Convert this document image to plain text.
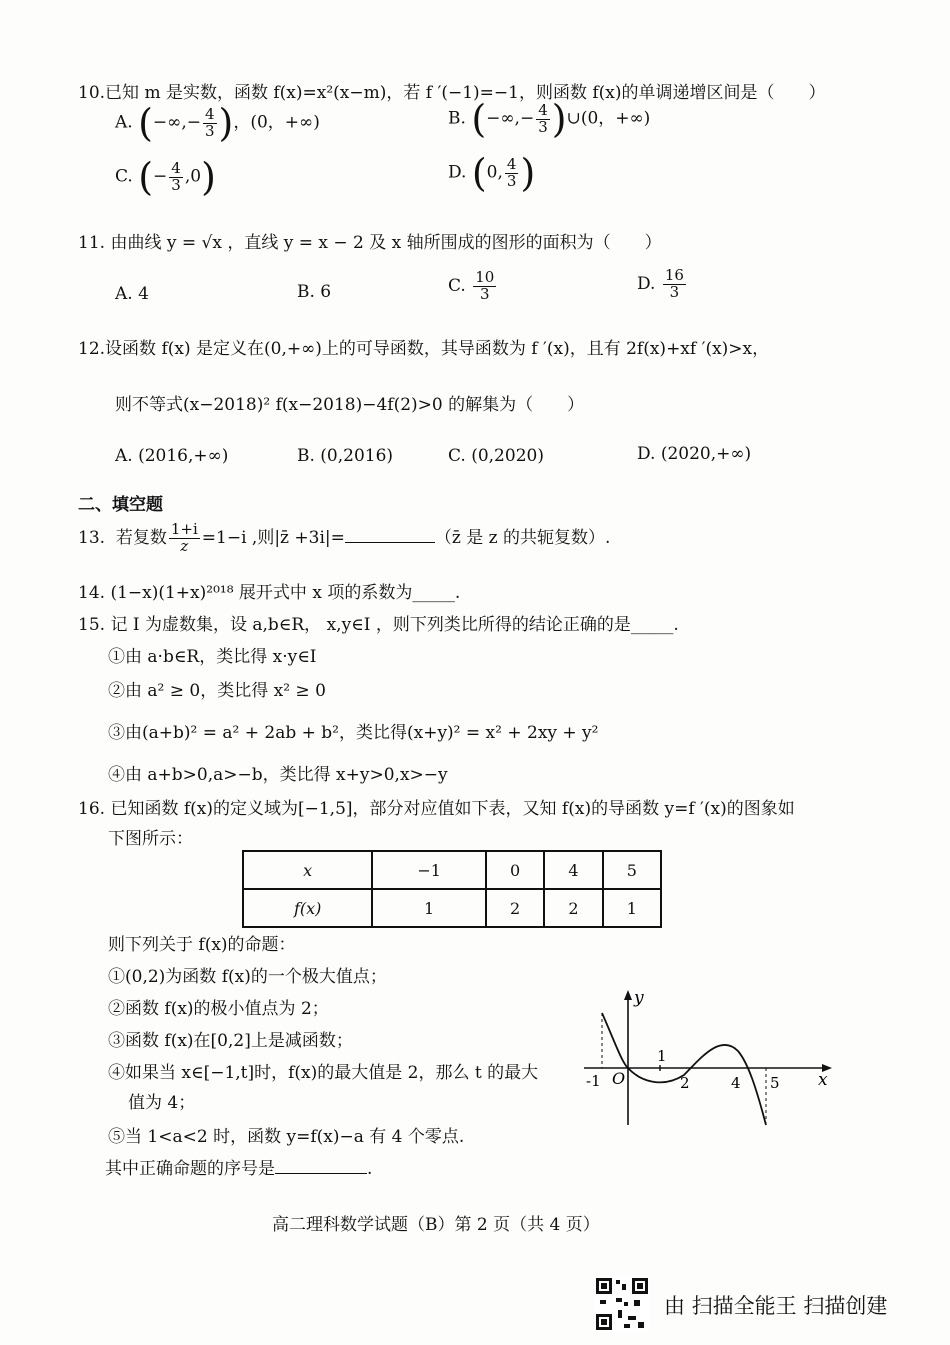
10.已知 m 是实数，函数 f(x)=x²(x−m)，若 f ′(−1)=−1，则函数 f(x)的单调递增区间是（　　）
A. (−∞,− $\frac{4}{3}$ )，(0，+∞)	B. (−∞,− $\frac{4}{3}$ )∪(0，+∞)
C. (− $\frac{4}{3} ,0$)	D. (0, $\frac{4}{3}$ )
11. 由曲线 y = √x ，直线 y = x − 2 及 x 轴所围成的图形的面积为（　　）
A. 4	B. 6	C. $\frac{10}{3}$	D. $\frac{16}{3}$
12.设函数 f(x) 是定义在(0,+∞)上的可导函数，其导函数为 f ′(x)，且有 2f(x)+xf ′(x)>x，
则不等式(x−2018)² f(x−2018)−4f(2)>0 的解集为（　　）
A. (2016,+∞)	B. (0,2016)	C. (0,2020)	D. (2020,+∞)
二、填空题
13. 若复数 $\frac{1+i}{z} =1-i$ ,则|z̄ +3i|=	（z̄ 是 z 的共轭复数）.
14. (1−x)(1+x)²⁰¹⁸ 展开式中 x 项的系数为_____.
15. 记 I 为虚数集，设 a,b∈R， x,y∈I ，则下列类比所得的结论正确的是_____.
①由 a·b∈R，类比得 x·y∈I
②由 a² ≥ 0，类比得 x² ≥ 0
③由(a+b)² = a² + 2ab + b²，类比得(x+y)² = x² + 2xy + y²
④由 a+b>0,a>−b，类比得 x+y>0,x>−y
16. 已知函数 f(x)的定义域为[−1,5]，部分对应值如下表，又知 f(x)的导函数 y=f ′(x)的图象如
下图所示：
x	−1	0	4	5
f(x)	1	2	2	1
则下列关于 f(x)的命题：
①(0,2)为函数 f(x)的一个极大值点；
②函数 f(x)的极小值点为 2；
③函数 f(x)在[0,2]上是减函数；
④如果当 x∈[−1,t]时，f(x)的最大值是 2，那么 t 的最大
值为 4；
⑤当 1<a<2 时，函数 y=f(x)−a 有 4 个零点.
其中正确命题的序号是	.
y
x
O
-1
1
2	4 5
高二理科数学试题（B）第 2 页（共 4 页）
由 扫描全能王 扫描创建
